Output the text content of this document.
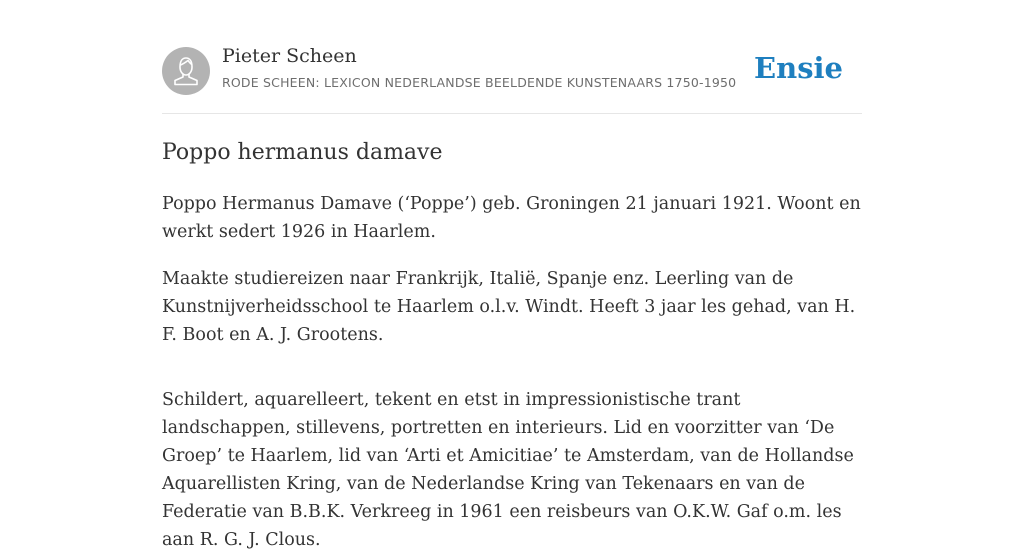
Pieter Scheen
RODE SCHEEN: LEXICON NEDERLANDSE BEELDENDE KUNSTENAARS 1750-1950 Ensie
Poppo hermanus damave

Poppo Hermanus Damave (‘Poppe’) geb. Groningen 21 januari 1921. Woont en werkt sedert 1926 in Haarlem.

Maakte studiereizen naar Frankrijk, Italië, Spanje enz. Leerling van de Kunstnijverheidsschool te Haarlem o.l.v. Windt. Heeft 3 jaar les gehad, van H. F. Boot en A. J. Grootens.

Schildert, aquarelleert, tekent en etst in impressionistische trant landschappen, stillevens, portretten en interieurs. Lid en voorzitter van ‘De Groep’ te Haarlem, lid van ‘Arti et Amicitiae’ te Amsterdam, van de Hollandse Aquarellisten Kring, van de Nederlandse Kring van Tekenaars en van de Federatie van B.B.K. Verkreeg in 1961 een reisbeurs van O.K.W. Gaf o.m. les aan R. G. J. Clous.
